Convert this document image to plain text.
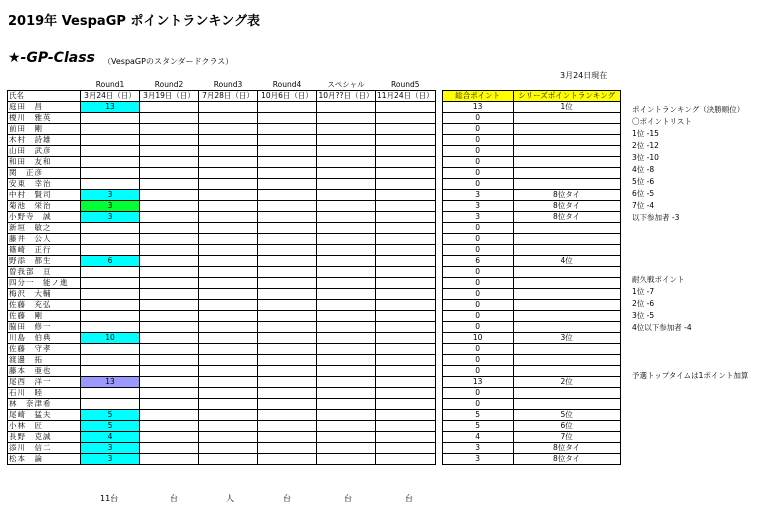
2019年 VespaGP ポイントランキング表
★-GP-Class （VespaGPのスタンダードクラス）
3月24日現在
	Round1	Round2	Round3	Round4	スペシャル	Round5			
氏名	3月24日（日）	3月19日（日）	7月28日（日）	10月6日（日）	10月??日（日）	11月24日（日）		総合ポイント	シリーズポイントランキング
庭田　昌	13							13	1位
榎川　雅英								0	
前田　剛								0	
木村　詩雄								0	
山田　武彦								0	
和田　友和								0	
関　正彦								0	
安東　幸治								0	
中村　賢司	3							3	8位タイ
菊池　栄治	3							3	8位タイ
小野寺　誠	3							3	8位タイ
新垣　敏之								0	
藤井　公人								0	
篠崎　正行								0	
野添　都生	6							6	4位
曽我部　亘								0	
四分一　能ノ進								0	
梅沢　大輔								0	
佐藤　充弘								0	
佐藤　剛								0	
脇田　修一								0	
川島　伯典	10							10	3位
佐藤　守孝								0	
渡邊　拓								0	
藤本　亜也								0	
尾西　洋一	13							13	2位
石川　睦								0	
林　奈津希								0	
尾崎　猛夫	5							5	5位
小林　匠	5							5	6位
長野　克誠	4							4	7位
添川　信二	3							3	8位タイ
松本　論	3							3	8位タイ
11台	台	人	台	台	台
ポイントランキング（決勝順位）
〇ポイントリスト
1位 -15
2位 -12
3位 -10
4位 -8
5位 -6
6位 -5
7位 -4
以下参加者 -3
耐久戦ポイント
1位 -7
2位 -6
3位 -5
4位以下参加者 -4
予選トップタイムは1ポイント加算
